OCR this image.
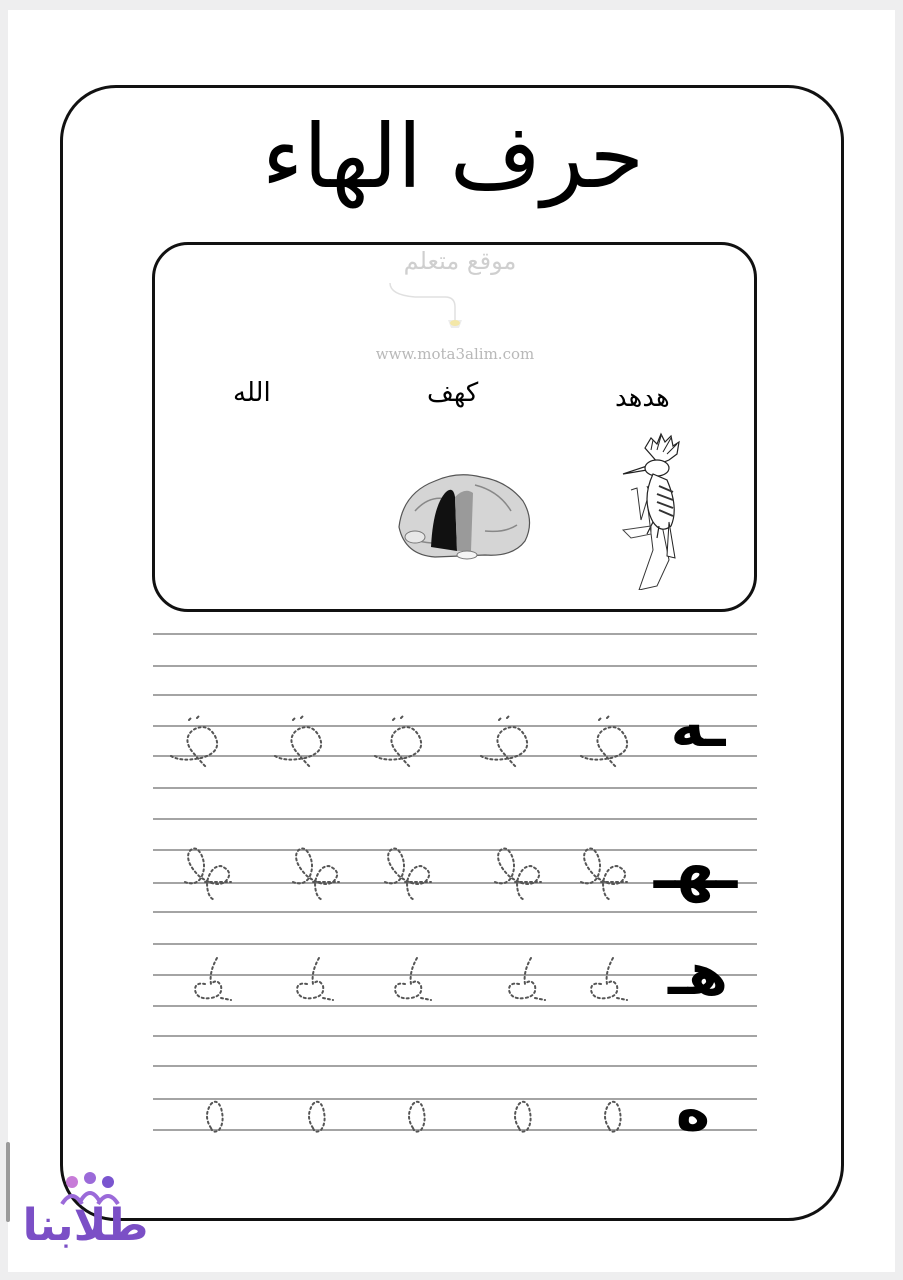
حرف الهاء
موقع متعلم
www.mota3alim.com
هدهد
كهف
الله
ـه
ـهـ
هـ
ه
طلابنا
